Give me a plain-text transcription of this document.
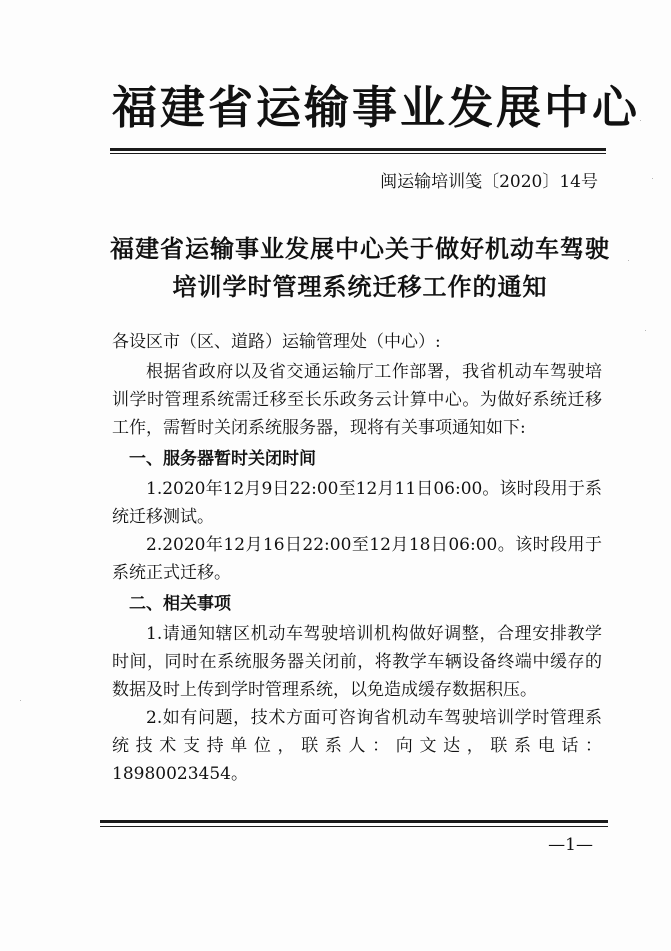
福建省运输事业发展中心
闽运输培训笺〔2020〕14号
福建省运输事业发展中心关于做好机动车驾驶
培训学时管理系统迁移工作的通知

各设区市（区、道路）运输管理处（中心）:

根据省政府以及省交通运输厅工作部署，我省机动车驾驶培训学时管理系统需迁移至长乐政务云计算中心。为做好系统迁移工作，需暂时关闭系统服务器，现将有关事项通知如下:

一、服务器暂时关闭时间

1.2020年12月9日22:00至12月11日06:00。该时段用于系统迁移测试。

2.2020年12月16日22:00至12月18日06:00。该时段用于系统正式迁移。

二、相关事项

1.请通知辖区机动车驾驶培训机构做好调整，合理安排教学时间，同时在系统服务器关闭前，将教学车辆设备终端中缓存的数据及时上传到学时管理系统，以免造成缓存数据积压。

2.如有问题，技术方面可咨询省机动车驾驶培训学时管理系统技术支持单位，联系人：向文达，联系电话：18980023454。

—1—
